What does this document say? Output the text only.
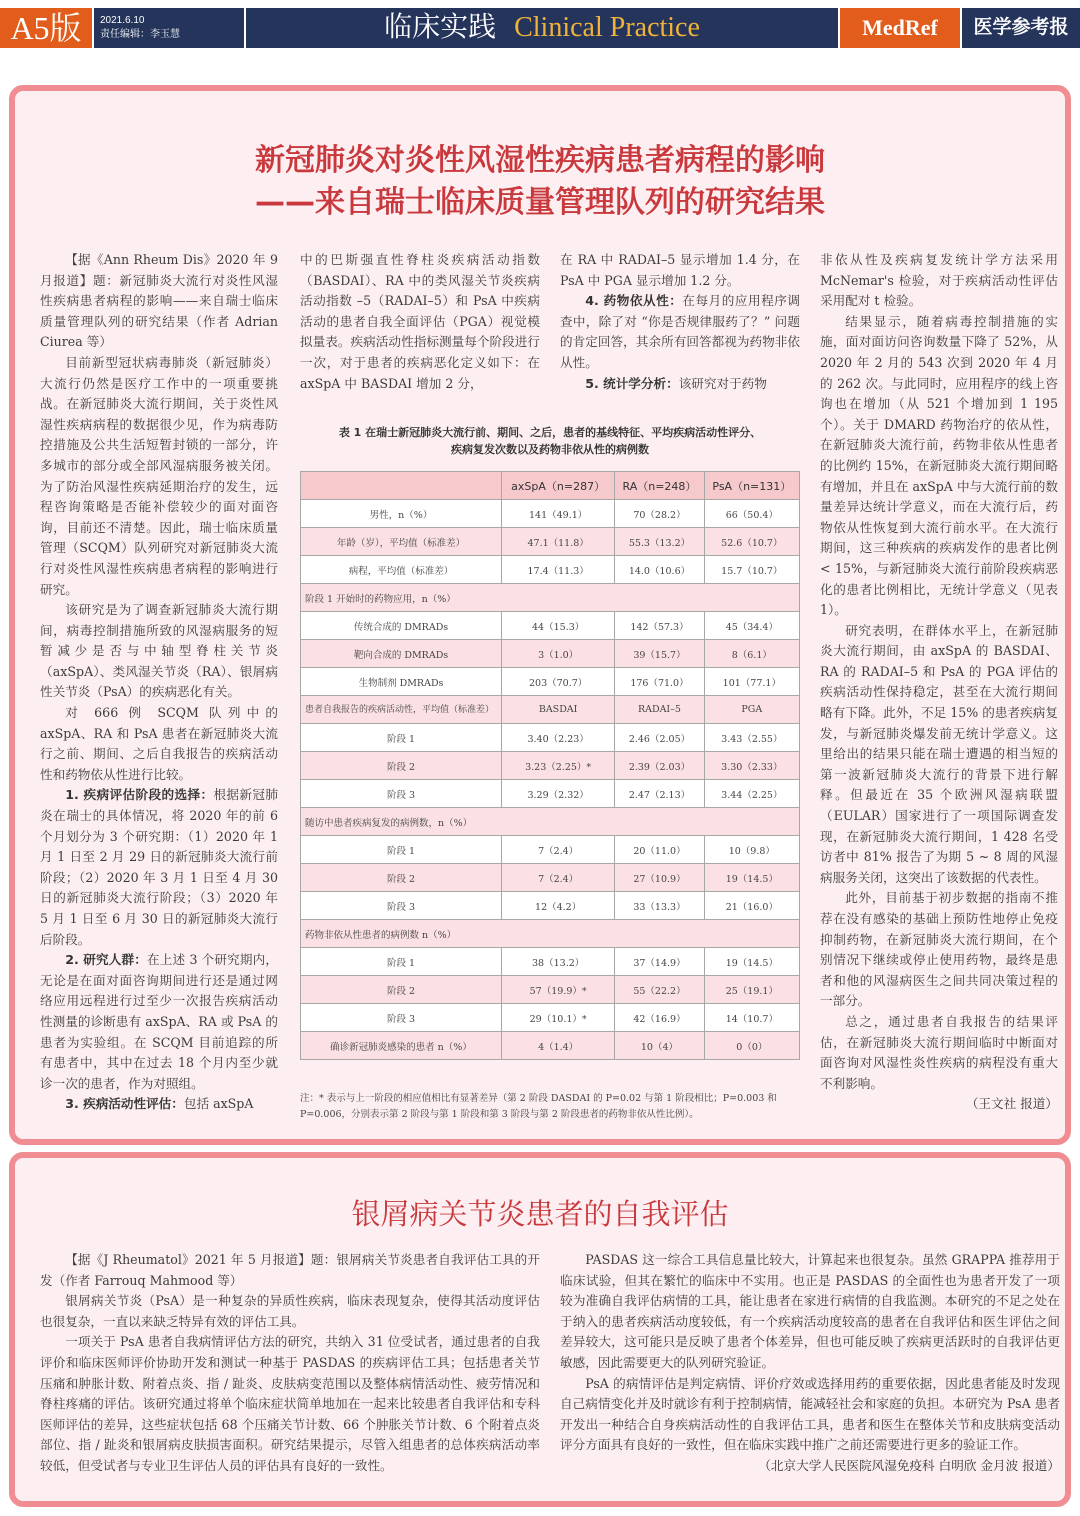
A5版	2021.6.10
责任编辑：李玉慧	临床实践 Clinical Practice	MedRef	医学参考报
新冠肺炎对炎性风湿性疾病患者病程的影响
——来自瑞士临床质量管理队列的研究结果

【据《Ann Rheum Dis》2020 年 9 月报道】题：新冠肺炎大流行对炎性风湿性疾病患者病程的影响——来自瑞士临床质量管理队列的研究结果（作者 Adrian Ciurea 等）

目前新型冠状病毒肺炎（新冠肺炎）大流行仍然是医疗工作中的一项重要挑战。在新冠肺炎大流行期间，关于炎性风湿性疾病病程的数据很少见，作为病毒防控措施及公共生活短暂封锁的一部分，许多城市的部分或全部风湿病服务被关闭。为了防治风湿性疾病延期治疗的发生，远程咨询策略是否能补偿较少的面对面咨询，目前还不清楚。因此，瑞士临床质量管理（SCQM）队列研究对新冠肺炎大流行对炎性风湿性疾病患者病程的影响进行研究。

该研究是为了调查新冠肺炎大流行期间，病毒控制措施所致的风湿病服务的短暂减少是否与中轴型脊柱关节炎（axSpA）、类风湿关节炎（RA）、银屑病性关节炎（PsA）的疾病恶化有关。

对 666 例 SCQM 队列中的 axSpA、RA 和 PsA 患者在新冠肺炎大流行之前、期间、之后自我报告的疾病活动性和药物依从性进行比较。

1. 疾病评估阶段的选择：根据新冠肺炎在瑞士的具体情况，将 2020 年的前 6 个月划分为 3 个研究期：（1）2020 年 1 月 1 日至 2 月 29 日的新冠肺炎大流行前阶段；（2）2020 年 3 月 1 日至 4 月 30 日的新冠肺炎大流行阶段；（3）2020 年 5 月 1 日至 6 月 30 日的新冠肺炎大流行后阶段。

2. 研究人群：在上述 3 个研究期内，无论是在面对面咨询期间进行还是通过网络应用远程进行过至少一次报告疾病活动性测量的诊断患有 axSpA、RA 或 PsA 的患者为实验组。在 SCQM 目前追踪的所有患者中，其中在过去 18 个月内至少就诊一次的患者，作为对照组。

3. 疾病活动性评估：包括 axSpA

中的巴斯强直性脊柱炎疾病活动指数（BASDAI）、RA 中的类风湿关节炎疾病活动指数 –5（RADAI–5）和 PsA 中疾病活动的患者自我全面评估（PGA）视觉模拟量表。疾病活动性指标测量每个阶段进行一次，对于患者的疾病恶化定义如下：在 axSpA 中 BASDAI 增加 2 分，

在 RA 中 RADAI–5 显示增加 1.4 分，在 PsA 中 PGA 显示增加 1.2 分。

4. 药物依从性：在每月的应用程序调查中，除了对 “你是否规律服药了？” 问题的肯定回答，其余所有回答都视为药物非依从性。

5. 统计学分析：该研究对于药物

表 1 在瑞士新冠肺炎大流行前、期间、之后，患者的基线特征、平均疾病活动性评分、
疾病复发次数以及药物非依从性的病例数
	axSpA（n=287）	RA（n=248）	PsA（n=131）
男性，n（%）	141（49.1）	70（28.2）	66（50.4）
年龄（岁），平均值（标准差）	47.1（11.8）	55.3（13.2）	52.6（10.7）
病程，平均值（标准差）	17.4（11.3）	14.0（10.6）	15.7（10.7）
阶段 1 开始时的药物应用，n（%）			
传统合成的 DMRADs	44（15.3）	142（57.3）	45（34.4）
靶向合成的 DMRADs	3（1.0）	39（15.7）	8（6.1）
生物制剂 DMRADs	203（70.7）	176（71.0）	101（77.1）
患者自我报告的疾病活动性，平均值（标准差）	BASDAI	RADAI–5	PGA
阶段 1	3.40（2.23）	2.46（2.05）	3.43（2.55）
阶段 2	3.23（2.25）*	2.39（2.03）	3.30（2.33）
阶段 3	3.29（2.32）	2.47（2.13）	3.44（2.25）
随访中患者疾病复发的病例数，n（%）			
阶段 1	7（2.4）	20（11.0）	10（9.8）
阶段 2	7（2.4）	27（10.9）	19（14.5）
阶段 3	12（4.2）	33（13.3）	21（16.0）
药物非依从性患者的病例数 n（%）			
阶段 1	38（13.2）	37（14.9）	19（14.5）
阶段 2	57（19.9）*	55（22.2）	25（19.1）
阶段 3	29（10.1）*	42（16.9）	14（10.7）
确诊新冠肺炎感染的患者 n（%）	4（1.4）	10（4）	0（0）
注：* 表示与上一阶段的相应值相比有显著差异（第 2 阶段 DASDAI 的 P=0.02 与第 1 阶段相比；P=0.003 和 P=0.006，分别表示第 2 阶段与第 1 阶段和第 3 阶段与第 2 阶段患者的药物非依从性比例）。

非依从性及疾病复发统计学方法采用 McNemar's 检验，对于疾病活动性评估采用配对 t 检验。

结果显示，随着病毒控制措施的实施，面对面访问咨询数量下降了 52%，从 2020 年 2 月的 543 次到 2020 年 4 月的 262 次。与此同时，应用程序的线上咨询也在增加（从 521 个增加到 1 195 个）。关于 DMARD 药物治疗的依从性，在新冠肺炎大流行前，药物非依从性患者的比例约 15%，在新冠肺炎大流行期间略有增加，并且在 axSpA 中与大流行前的数量差异达统计学意义，而在大流行后，药物依从性恢复到大流行前水平。在大流行期间，这三种疾病的疾病发作的患者比例 < 15%，与新冠肺炎大流行前阶段疾病恶化的患者比例相比，无统计学意义（见表 1）。

研究表明，在群体水平上，在新冠肺炎大流行期间，由 axSpA 的 BASDAI、RA 的 RADAI–5 和 PsA 的 PGA 评估的疾病活动性保持稳定，甚至在大流行期间略有下降。此外，不足 15% 的患者疾病复发，与新冠肺炎爆发前无统计学意义。这里给出的结果只能在瑞士遭遇的相当短的第一波新冠肺炎大流行的背景下进行解释。但最近在 35 个欧洲风湿病联盟（EULAR）国家进行了一项国际调查发现，在新冠肺炎大流行期间，1 428 名受访者中 81% 报告了为期 5 ~ 8 周的风湿病服务关闭，这突出了该数据的代表性。

此外，目前基于初步数据的指南不推荐在没有感染的基础上预防性地停止免疫抑制药物，在新冠肺炎大流行期间，在个别情况下继续或停止使用药物，最终是患者和他的风湿病医生之间共同决策过程的一部分。

总之，通过患者自我报告的结果评估，在新冠肺炎大流行期间临时中断面对面咨询对风湿性炎性疾病的病程没有重大不利影响。

（王文社 报道）
银屑病关节炎患者的自我评估

【据《J Rheumatol》2021 年 5 月报道】题：银屑病关节炎患者自我评估工具的开发（作者 Farrouq Mahmood 等）

银屑病关节炎（PsA）是一种复杂的异质性疾病，临床表现复杂，使得其活动度评估也很复杂，一直以来缺乏特异有效的评估工具。

一项关于 PsA 患者自我病情评估方法的研究，共纳入 31 位受试者，通过患者的自我评价和临床医师评价协助开发和测试一种基于 PASDAS 的疾病评估工具；包括患者关节压痛和肿胀计数、附着点炎、指 / 趾炎、皮肤病变范围以及整体病情活动性、疲劳情况和脊柱疼痛的评估。该研究通过将单个临床症状简单地加在一起来比较患者自我评估和专科医师评估的差异，这些症状包括 68 个压痛关节计数、66 个肿胀关节计数、6 个附着点炎部位、指 / 趾炎和银屑病皮肤损害面积。研究结果提示，尽管入组患者的总体疾病活动率较低，但受试者与专业卫生评估人员的评估具有良好的一致性。

PASDAS 这一综合工具信息量比较大，计算起来也很复杂。虽然 GRAPPA 推荐用于临床试验，但其在繁忙的临床中不实用。也正是 PASDAS 的全面性也为患者开发了一项较为准确自我评估病情的工具，能让患者在家进行病情的自我监测。本研究的不足之处在于纳入的患者疾病活动度较低，有一个疾病活动度较高的患者在自我评估和医生评估之间差异较大，这可能只是反映了患者个体差异，但也可能反映了疾病更活跃时的自我评估更敏感，因此需要更大的队列研究验证。

PsA 的病情评估是判定病情、评价疗效或选择用药的重要依据，因此患者能及时发现自己病情变化并及时就诊有利于控制病情，能减轻社会和家庭的负担。本研究为 PsA 患者开发出一种结合自身疾病活动性的自我评估工具，患者和医生在整体关节和皮肤病变活动评分方面具有良好的一致性，但在临床实践中推广之前还需要进行更多的验证工作。

（北京大学人民医院风湿免疫科 白明欣 金月波 报道）
